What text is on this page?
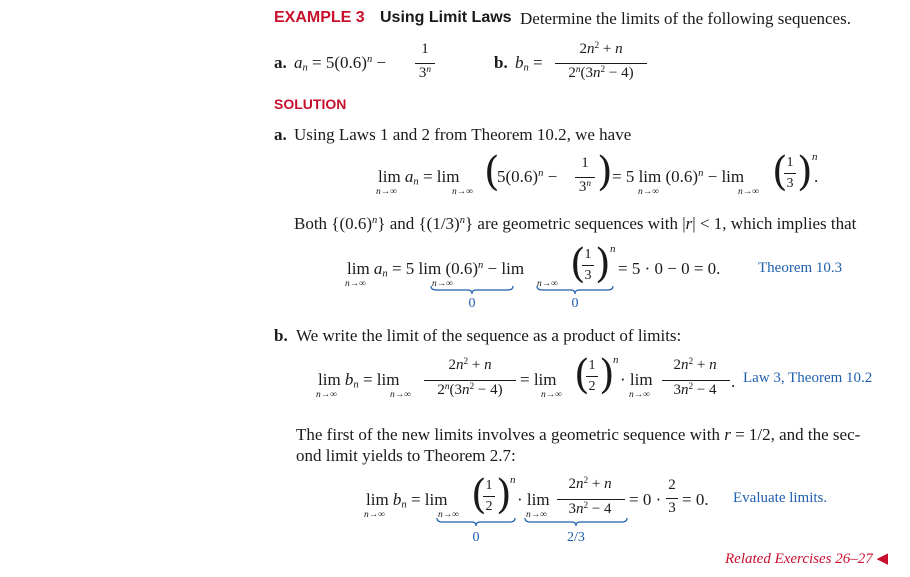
EXAMPLE 3 Using Limit Laws Determine the limits of the following sequences.
a. $a_n = 5(0.6)^n$ −
1
3$^n$	b. $b_n$ =
$2n^2 + n$
$2^n(3n^2 - 4)$
SOLUTION
a. Using Laws 1 and 2 from Theorem 10.2, we have
$\lim a_n = \lim$
n→∞	n→∞ (
$5(0.6)^n$ −
1
3$^n$ ) = 5 $\lim (0.6)^n - \lim$
n→∞	n→∞ (
1
3 ) n
.
Both $\{(0.6)^n\}$ and $\{(1/3)^n\}$ are geometric sequences with |r| < 1, which implies that
$\lim a_n = 5$ $\lim (0.6)^n - \lim$
n→∞	n→∞	n→∞ (
1
3 ) n
= 5 · 0 − 0 = 0.	Theorem 10.3
0	0
b. We write the limit of the sequence as a product of limits:
$\lim b_n = \lim$
n→∞	n→∞
$2n^2 + n$
$2^n(3n^2 - 4)$
= lim
n→∞ (
1
2 )
n
· lim
n→∞
$2n^2 + n$
$3n^2 - 4$ . Law 3, Theorem 10.2
The first of the new limits involves a geometric sequence with r = 1/2, and the sec-
ond limit yields to Theorem 2.7:
$\lim b_n = \lim$
n→∞	n→∞ (
1
2 )
n
· lim
n→∞
$2n^2 + n$
$3n^2 - 4$	= 0 ·
2
3 = 0. Evaluate limits.
0	2/3
Related Exercises 26–27 ◀
